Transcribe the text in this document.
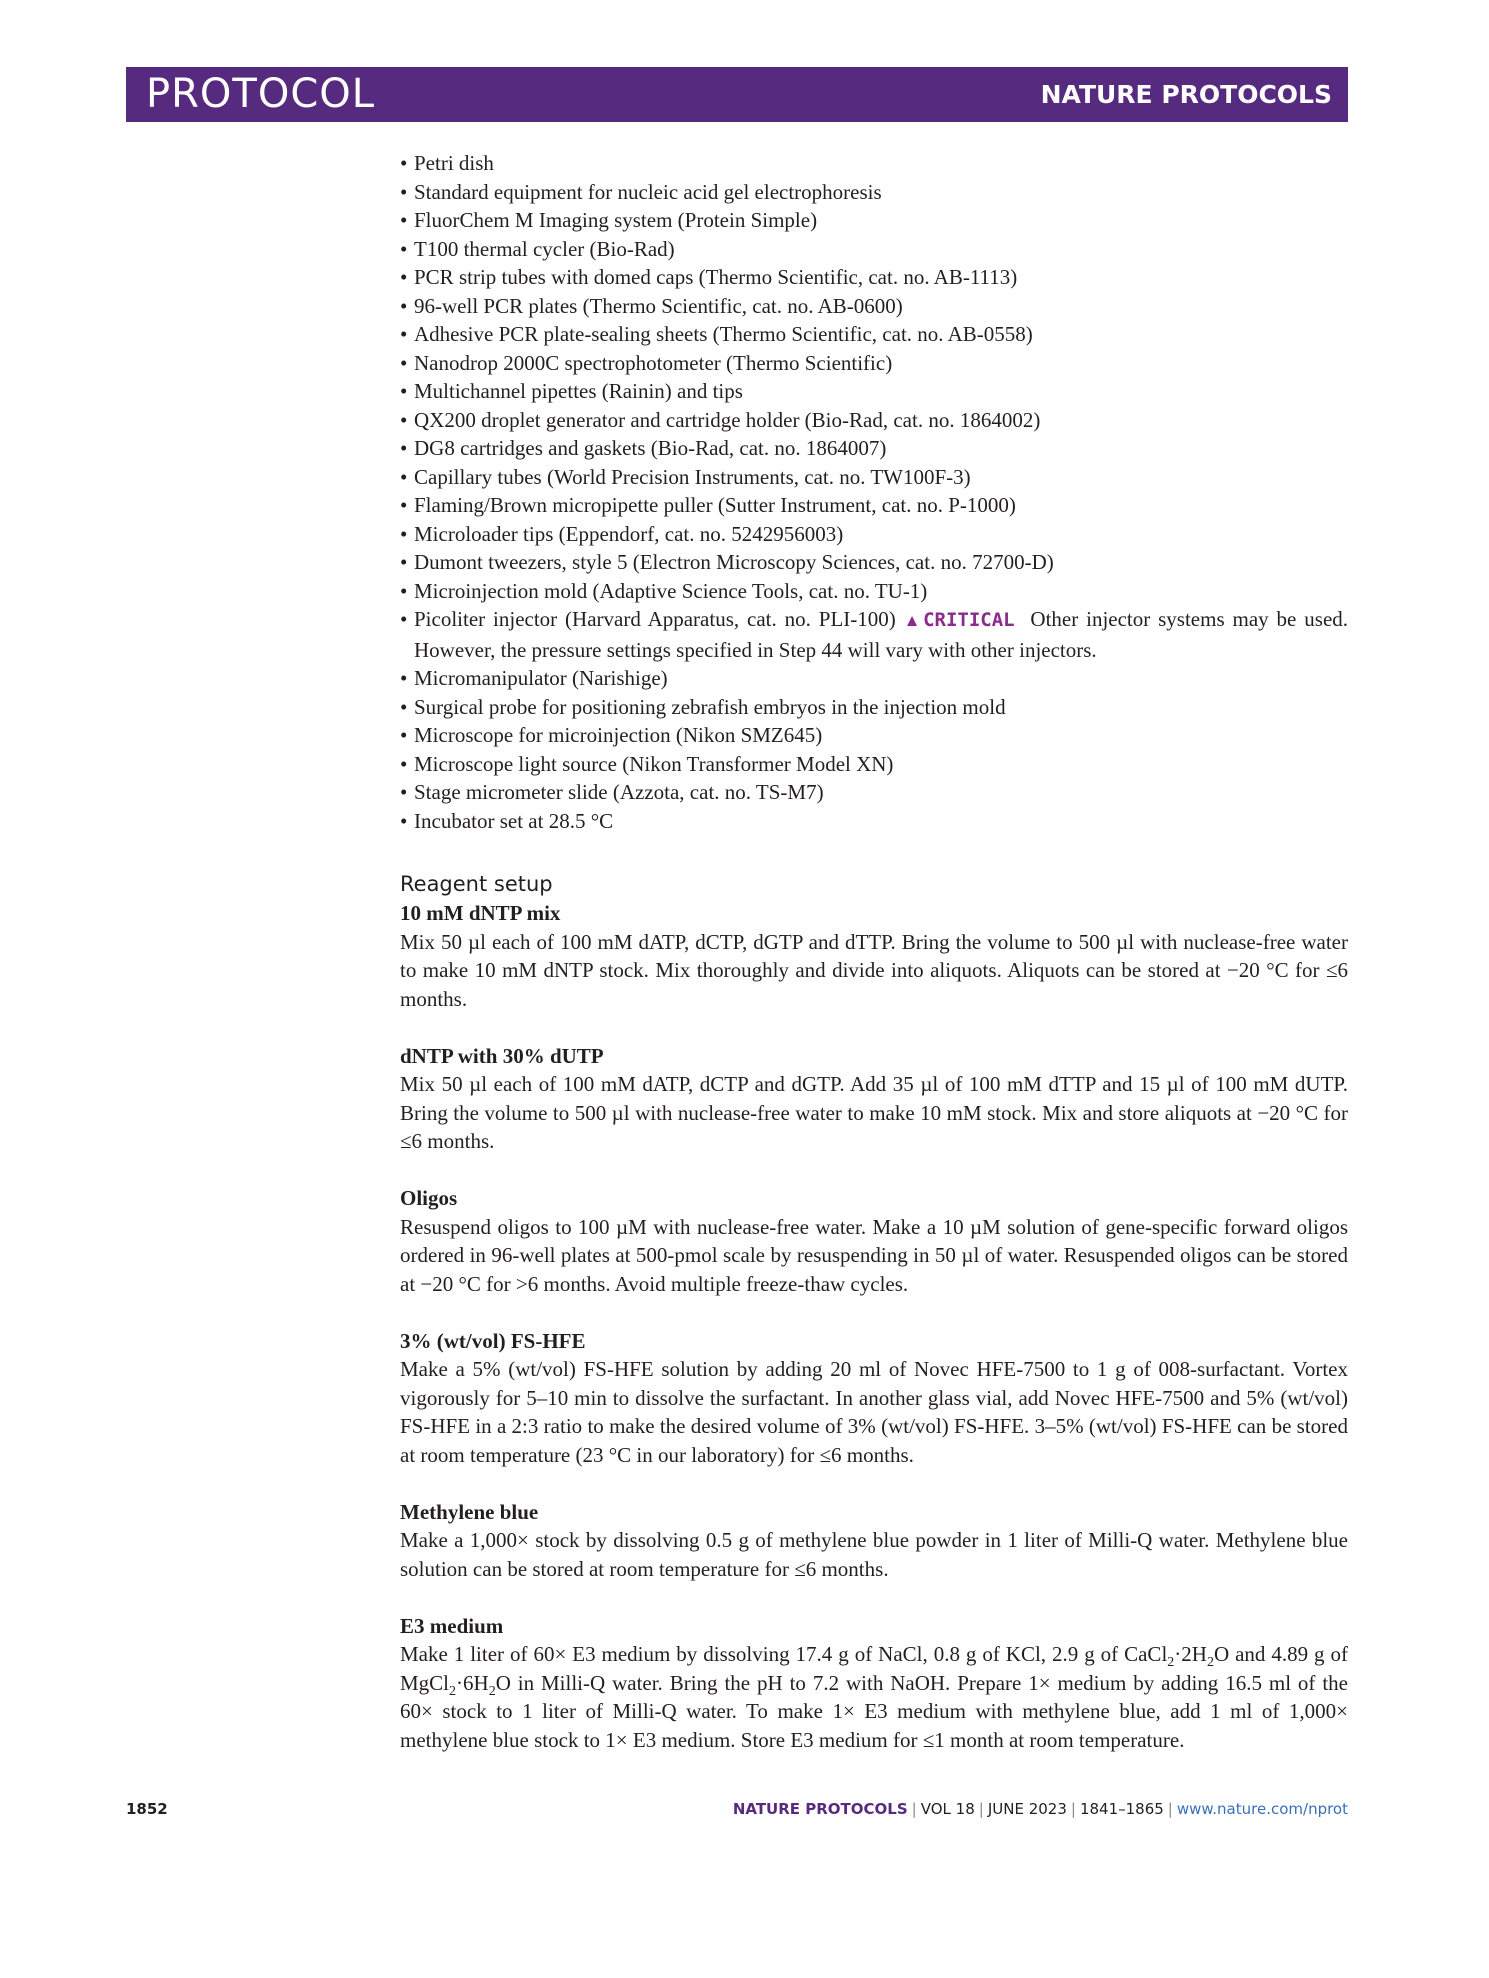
PROTOCOL	NATURE PROTOCOLS
• Petri dish
• Standard equipment for nucleic acid gel electrophoresis
• FluorChem M Imaging system (Protein Simple)
• T100 thermal cycler (Bio-Rad)
• PCR strip tubes with domed caps (Thermo Scientific, cat. no. AB-1113)
• 96-well PCR plates (Thermo Scientific, cat. no. AB-0600)
• Adhesive PCR plate-sealing sheets (Thermo Scientific, cat. no. AB-0558)
• Nanodrop 2000C spectrophotometer (Thermo Scientific)
• Multichannel pipettes (Rainin) and tips
• QX200 droplet generator and cartridge holder (Bio-Rad, cat. no. 1864002)
• DG8 cartridges and gaskets (Bio-Rad, cat. no. 1864007)
• Capillary tubes (World Precision Instruments, cat. no. TW100F-3)
• Flaming/Brown micropipette puller (Sutter Instrument, cat. no. P-1000)
• Microloader tips (Eppendorf, cat. no. 5242956003)
• Dumont tweezers, style 5 (Electron Microscopy Sciences, cat. no. 72700-D)
• Microinjection mold (Adaptive Science Tools, cat. no. TU-1)
• Picoliter injector (Harvard Apparatus, cat. no. PLI-100) ▲CRITICAL Other injector systems may be used. However, the pressure settings specified in Step 44 will vary with other injectors.
• Micromanipulator (Narishige)
• Surgical probe for positioning zebrafish embryos in the injection mold
• Microscope for microinjection (Nikon SMZ645)
• Microscope light source (Nikon Transformer Model XN)
• Stage micrometer slide (Azzota, cat. no. TS-M7)
• Incubator set at 28.5 °C
Reagent setup
10 mM dNTP mix

Mix 50 µl each of 100 mM dATP, dCTP, dGTP and dTTP. Bring the volume to 500 µl with nuclease-free water to make 10 mM dNTP stock. Mix thoroughly and divide into aliquots. Aliquots can be stored at −20 °C for ≤6 months.

dNTP with 30% dUTP

Mix 50 µl each of 100 mM dATP, dCTP and dGTP. Add 35 µl of 100 mM dTTP and 15 µl of 100 mM dUTP. Bring the volume to 500 µl with nuclease-free water to make 10 mM stock. Mix and store aliquots at −20 °C for ≤6 months.

Oligos

Resuspend oligos to 100 µM with nuclease-free water. Make a 10 µM solution of gene-specific forward oligos ordered in 96-well plates at 500-pmol scale by resuspending in 50 µl of water. Resuspended oligos can be stored at −20 °C for >6 months. Avoid multiple freeze-thaw cycles.

3% (wt/vol) FS-HFE

Make a 5% (wt/vol) FS-HFE solution by adding 20 ml of Novec HFE-7500 to 1 g of 008-surfactant. Vortex vigorously for 5–10 min to dissolve the surfactant. In another glass vial, add Novec HFE-7500 and 5% (wt/vol) FS-HFE in a 2:3 ratio to make the desired volume of 3% (wt/vol) FS-HFE. 3–5% (wt/vol) FS-HFE can be stored at room temperature (23 °C in our laboratory) for ≤6 months.

Methylene blue

Make a 1,000× stock by dissolving 0.5 g of methylene blue powder in 1 liter of Milli-Q water. Methylene blue solution can be stored at room temperature for ≤6 months.

E3 medium

Make 1 liter of 60× E3 medium by dissolving 17.4 g of NaCl, 0.8 g of KCl, 2.9 g of $CaCl_2\cdot 2H_2O$ and 4.89 g of $MgCl_2\cdot 6H_2O$ in Milli-Q water. Bring the pH to 7.2 with NaOH. Prepare 1× medium by adding 16.5 ml of the 60× stock to 1 liter of Milli-Q water. To make 1× E3 medium with methylene blue, add 1 ml of 1,000× methylene blue stock to 1× E3 medium. Store E3 medium for ≤1 month at room temperature.

1852	NATURE PROTOCOLS | VOL 18 | JUNE 2023 | 1841–1865 | www.nature.com/nprot
